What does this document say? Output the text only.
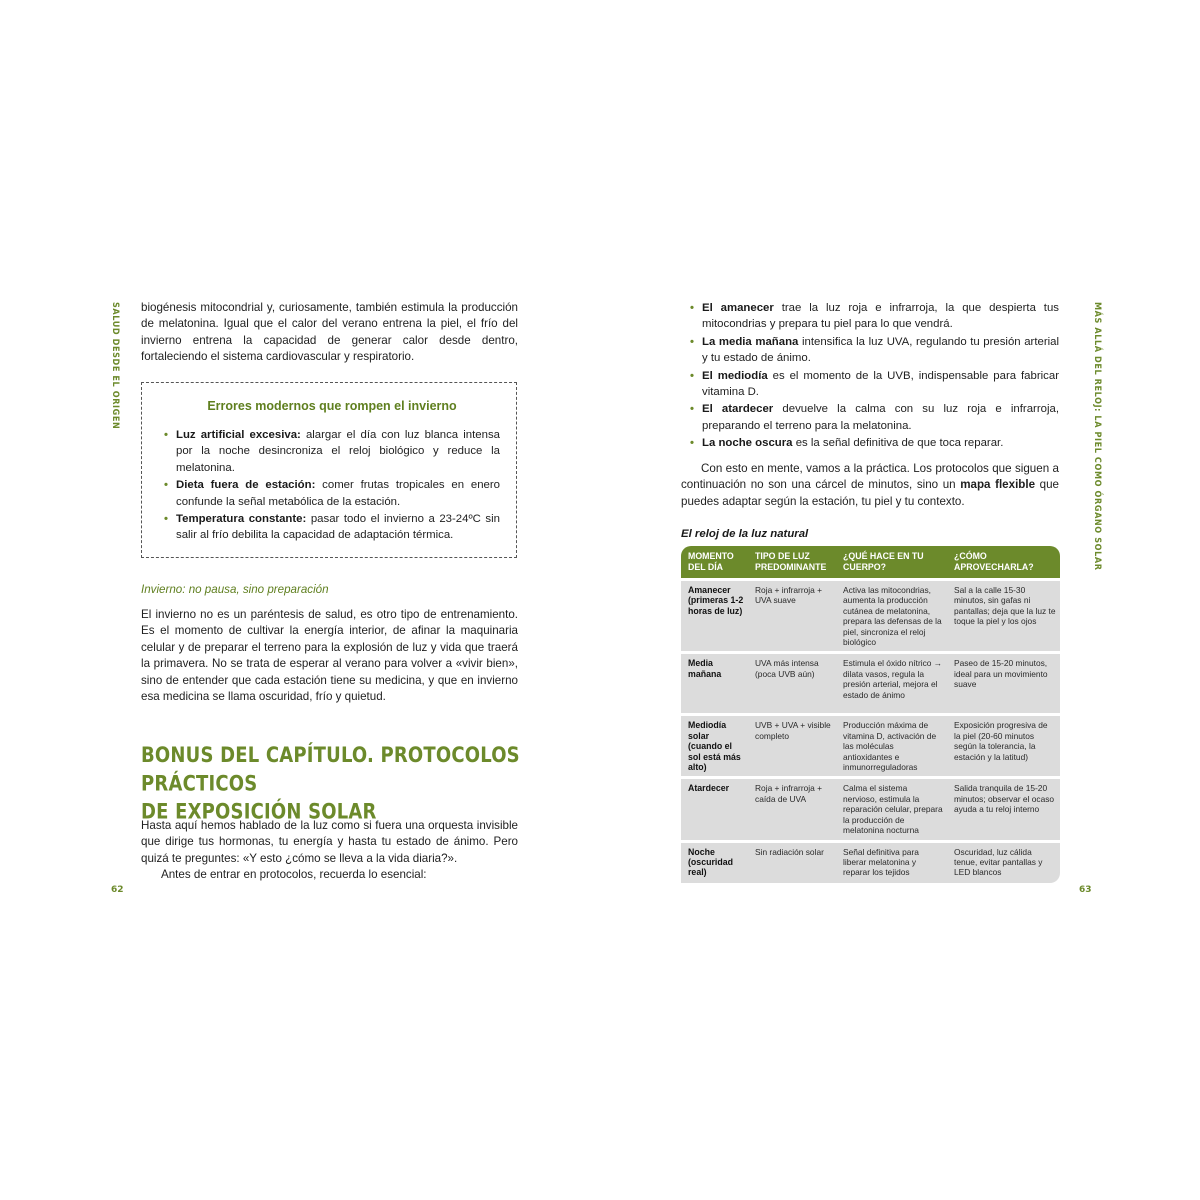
SALUD DESDE EL ORIGEN
62

biogénesis mitocondrial y, curiosamente, también estimula la producción de melatonina. Igual que el calor del verano entrena la piel, el frío del invierno entrena la capacidad de generar calor desde dentro, fortaleciendo el sistema cardiovascular y respiratorio.

Errores modernos que rompen el invierno
• Luz artificial excesiva: alargar el día con luz blanca intensa por la noche desincroniza el reloj biológico y reduce la melatonina.
• Dieta fuera de estación: comer frutas tropicales en enero confunde la señal metabólica de la estación.
• Temperatura constante: pasar todo el invierno a 23-24ºC sin salir al frío debilita la capacidad de adaptación térmica.
Invierno: no pausa, sino preparación

El invierno no es un paréntesis de salud, es otro tipo de entrenamiento. Es el momento de cultivar la energía interior, de afinar la maquinaria celular y de preparar el terreno para la explosión de luz y vida que traerá la primavera. No se trata de esperar al verano para volver a «vivir bien», sino de entender que cada estación tiene su medicina, y que en invierno esa medicina se llama oscuridad, frío y quietud.

BONUS DEL CAPÍTULO. PROTOCOLOS PRÁCTICOS
DE EXPOSICIÓN SOLAR

Hasta aquí hemos hablado de la luz como si fuera una orquesta invisible que dirige tus hormonas, tu energía y hasta tu estado de ánimo. Pero quizá te preguntes: «Y esto ¿cómo se lleva a la vida diaria?».

Antes de entrar en protocolos, recuerda lo esencial:

MÁS ALLÁ DEL RELOJ: LA PIEL COMO ÓRGANO SOLAR
63
• El amanecer trae la luz roja e infrarroja, la que despierta tus mitocondrias y prepara tu piel para lo que vendrá.
• La media mañana intensifica la luz UVA, regulando tu presión arterial y tu estado de ánimo.
• El mediodía es el momento de la UVB, indispensable para fabricar vitamina D.
• El atardecer devuelve la calma con su luz roja e infrarroja, preparando el terreno para la melatonina.
• La noche oscura es la señal definitiva de que toca reparar.

Con esto en mente, vamos a la práctica. Los protocolos que siguen a continuación no son una cárcel de minutos, sino un mapa flexible que puedes adaptar según la estación, tu piel y tu contexto.

El reloj de la luz natural
MOMENTO DEL DÍA	TIPO DE LUZ PREDOMINANTE	¿QUÉ HACE EN TU CUERPO?	¿CÓMO APROVECHARLA?
Amanecer (primeras 1-2 horas de luz)	Roja + infrarroja + UVA suave	Activa las mitocondrias, aumenta la producción cutánea de melatonina, prepara las defensas de la piel, sincroniza el reloj biológico	Sal a la calle 15-30 minutos, sin gafas ni pantallas; deja que la luz te toque la piel y los ojos
Media mañana	UVA más intensa (poca UVB aún)	Estimula el óxido nítrico → dilata vasos, regula la presión arterial, mejora el estado de ánimo	Paseo de 15-20 minutos, ideal para un movimiento suave
Mediodía solar (cuando el sol está más alto)	UVB + UVA + visible completo	Producción máxima de vitamina D, activación de las moléculas antioxidantes e inmunorreguladoras	Exposición progresiva de la piel (20-60 minutos según la tolerancia, la estación y la latitud)
Atardecer	Roja + infrarroja + caída de UVA	Calma el sistema nervioso, estimula la reparación celular, prepara la producción de melatonina nocturna	Salida tranquila de 15-20 minutos; observar el ocaso ayuda a tu reloj interno
Noche (oscuridad real)	Sin radiación solar	Señal definitiva para liberar melatonina y reparar los tejidos	Oscuridad, luz cálida tenue, evitar pantallas y LED blancos
